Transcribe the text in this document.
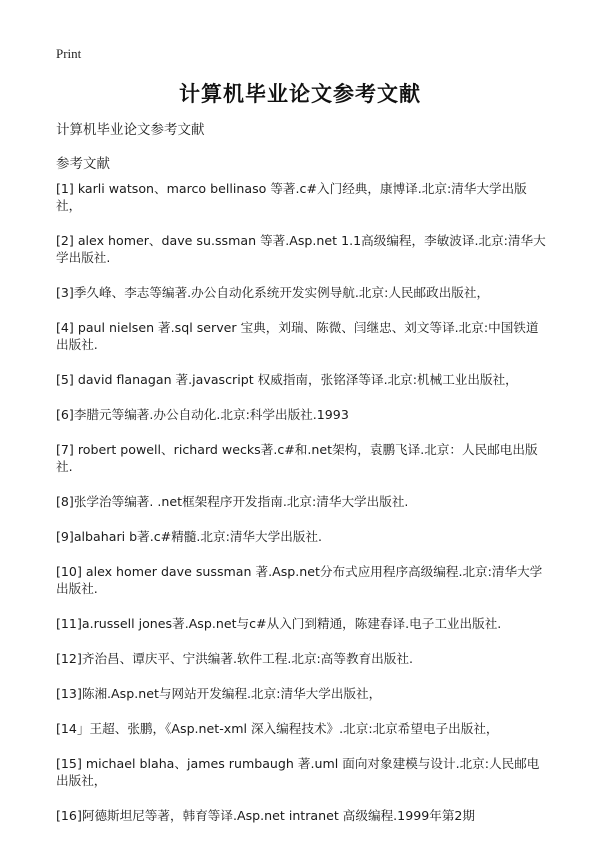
Print
计算机毕业论文参考文献
计算机毕业论文参考文献
参考文献
[1] karli watson、marco bellinaso 等著.c#入门经典，康博译.北京:清华大学出版社，
[2] alex homer、dave su.ssman 等著.Asp.net 1.1高级编程，李敏波译.北京:清华大学出版社.
[3]季久峰、李志等编著.办公自动化系统开发实例导航.北京:人民邮政出版社，
[4] paul nielsen 著.sql server 宝典，刘瑞、陈微、闫继忠、刘文等译.北京:中国铁道出版社.
[5] david flanagan 著.javascript 权威指南，张铭泽等译.北京:机械工业出版社，
[6]李腊元等编著.办公自动化.北京:科学出版社.1993
[7] robert powell、richard wecks著.c#和.net架构，袁鹏飞译.北京：人民邮电出版社.
[8]张学治等编著. .net框架程序开发指南.北京:清华大学出版社.
[9]albahari b著.c#精髓.北京:清华大学出版社.
[10] alex homer dave sussman 著.Asp.net分布式应用程序高级编程.北京:清华大学出版社.
[11]a.russell jones著.Asp.net与c#从入门到精通，陈建春译.电子工业出版社.
[12]齐治昌、谭庆平、宁洪编著.软件工程.北京:高等教育出版社.
[13]陈湘.Asp.net与网站开发编程.北京:清华大学出版社，
[14」王超、张鹏，《Asp.net-xml 深入编程技术》.北京:北京希望电子出版社，
[15] michael blaha、james rumbaugh 著.uml 面向对象建模与设计.北京:人民邮电出版社，
[16]阿德斯坦尼等著，韩育等译.Asp.net intranet 高级编程.1999年第2期
